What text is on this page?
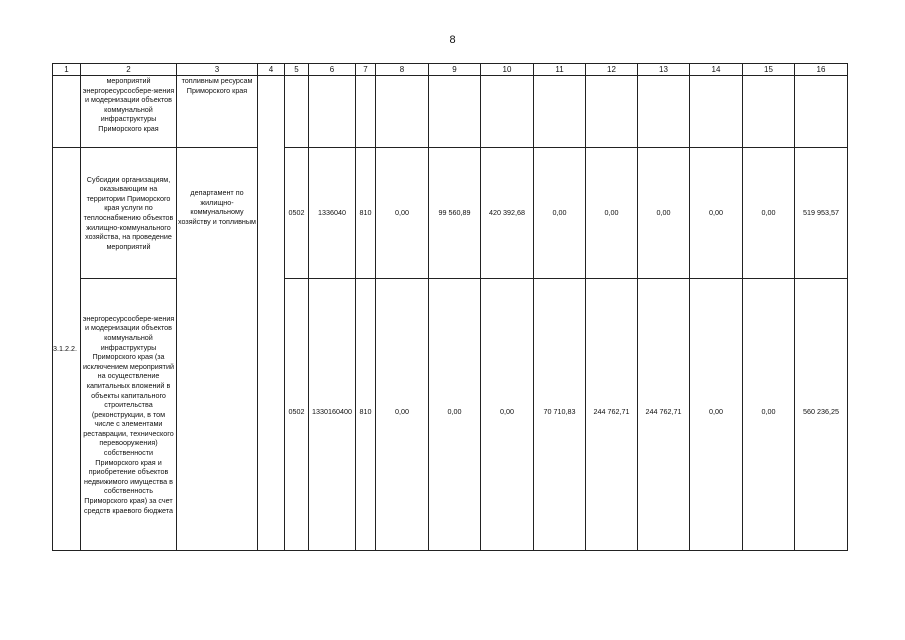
8
1	2	3	4	5	6	7	8	9	10	11	12	13	14	15	16
	мероприятий энергоресурсосбере-жения и модернизации объектов коммунальной инфраструктуры Приморского края	топливным ресурсам Приморского края													
3.1.2.2.	Субсидии организациям, оказывающим на территории Приморского края услуги по теплоснабжению объектов жилищно-коммунального хозяйства, на проведение мероприятий	департамент по жилищно-коммунальному хозяйству и топливным		0502	1336040	810	0,00	99 560,89	420 392,68	0,00	0,00	0,00	0,00	0,00	519 953,57
	энергоресурсосбере-жения и модернизации объектов коммунальной инфраструктуры Приморского края (за исключением мероприятий на осуществление капитальных вложений в объекты капитального строительства (реконструкции, в том числе с элементами реставрации, технического перевооружения) собственности Приморского края и приобретение объектов недвижимого имущества в собственность Приморского края) за счет средств краевого бюджета			0502	1330160400	810	0,00	0,00	0,00	70 710,83	244 762,71	244 762,71	0,00	0,00	560 236,25
